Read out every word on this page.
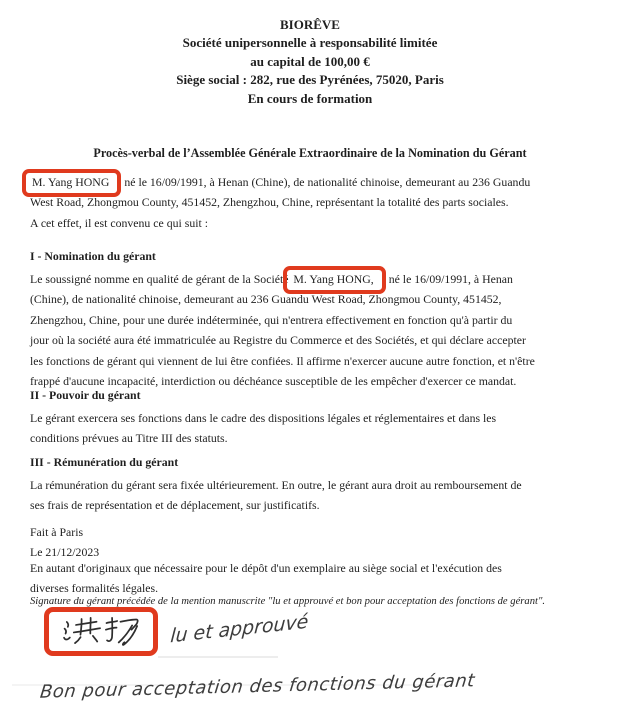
BIORÊVE
Société unipersonnelle à responsabilité limitée
au capital de 100,00 €
Siège social : 282, rue des Pyrénées, 75020, Paris
En cours de formation
Procès-verbal de l’Assemblée Générale Extraordinaire de la Nomination du Gérant
M. Yang HONG né le 16/09/1991, à Henan (Chine), de nationalité chinoise, demeurant au 236 Guandu
West Road, Zhongmou County, 451452, Zhengzhou, Chine, représentant la totalité des parts sociales.
A cet effet, il est convenu ce qui suit :
I - Nomination du gérant
Le soussigné nomme en qualité de gérant de la Société M. Yang HONG, né le 16/09/1991, à Henan
(Chine), de nationalité chinoise, demeurant au 236 Guandu West Road, Zhongmou County, 451452,
Zhengzhou, Chine, pour une durée indéterminée, qui n'entrera effectivement en fonction qu'à partir du
jour où la société aura été immatriculée au Registre du Commerce et des Sociétés, et qui déclare accepter
les fonctions de gérant qui viennent de lui être confiées. Il affirme n'exercer aucune autre fonction, et n'être
frappé d'aucune incapacité, interdiction ou déchéance susceptible de les empêcher d'exercer ce mandat.
II - Pouvoir du gérant
Le gérant exercera ses fonctions dans le cadre des dispositions légales et réglementaires et dans les
conditions prévues au Titre III des statuts.
III - Rémunération du gérant
La rémunération du gérant sera fixée ultérieurement. En outre, le gérant aura droit au remboursement de
ses frais de représentation et de déplacement, sur justificatifs.
Fait à Paris
Le 21/12/2023
En autant d'originaux que nécessaire pour le dépôt d'un exemplaire au siège social et l'exécution des
diverses formalités légales.
Signature du gérant précédée de la mention manuscrite "lu et approuvé et bon pour acceptation des fonctions de gérant".
lu et approuvé
Bon pour acceptation des fonctions du gérant
